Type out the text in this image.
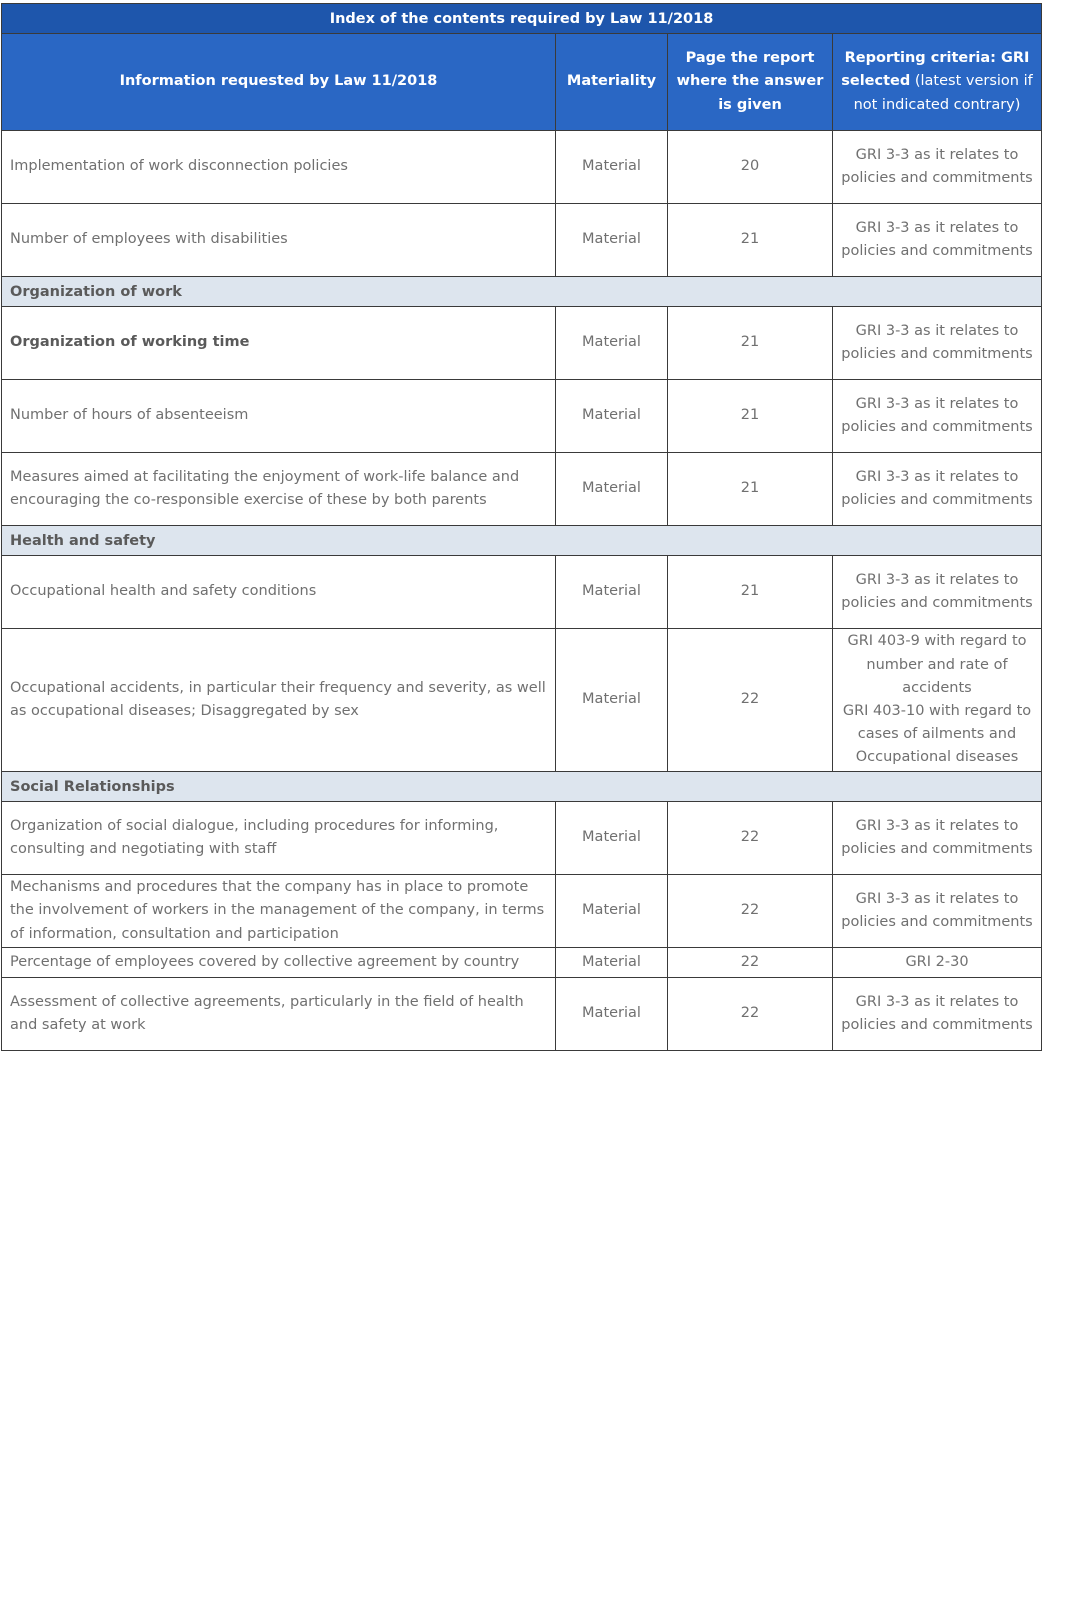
Index of the contents required by Law 11/2018			
Information requested by Law 11/2018	Materiality	Page the report where the answer is given	Reporting criteria: GRI selected (latest version if not indicated contrary)
Implementation of work disconnection policies	Material	20	GRI 3-3 as it relates to policies and commitments
Number of employees with disabilities	Material	21	GRI 3-3 as it relates to policies and commitments
Organization of work			
Organization of working time	Material	21	GRI 3-3 as it relates to policies and commitments
Number of hours of absenteeism	Material	21	GRI 3-3 as it relates to policies and commitments
Measures aimed at facilitating the enjoyment of work-life balance and encouraging the co-responsible exercise of these by both parents	Material	21	GRI 3-3 as it relates to policies and commitments
Health and safety			
Occupational health and safety conditions	Material	21	GRI 3-3 as it relates to policies and commitments
Occupational accidents, in particular their frequency and severity, as well as occupational diseases; Disaggregated by sex	Material	22	GRI 403-9 with regard to number and rate of accidents
GRI 403-10 with regard to cases of ailments and Occupational diseases

Social Relationships			
Organization of social dialogue, including procedures for informing, consulting and negotiating with staff	Material	22	GRI 3-3 as it relates to policies and commitments
Mechanisms and procedures that the company has in place to promote the involvement of workers in the management of the company, in terms of information, consultation and participation	Material	22	GRI 3-3 as it relates to policies and commitments
Percentage of employees covered by collective agreement by country	Material	22	GRI 2-30
Assessment of collective agreements, particularly in the field of health and safety at work	Material	22	GRI 3-3 as it relates to policies and commitments
